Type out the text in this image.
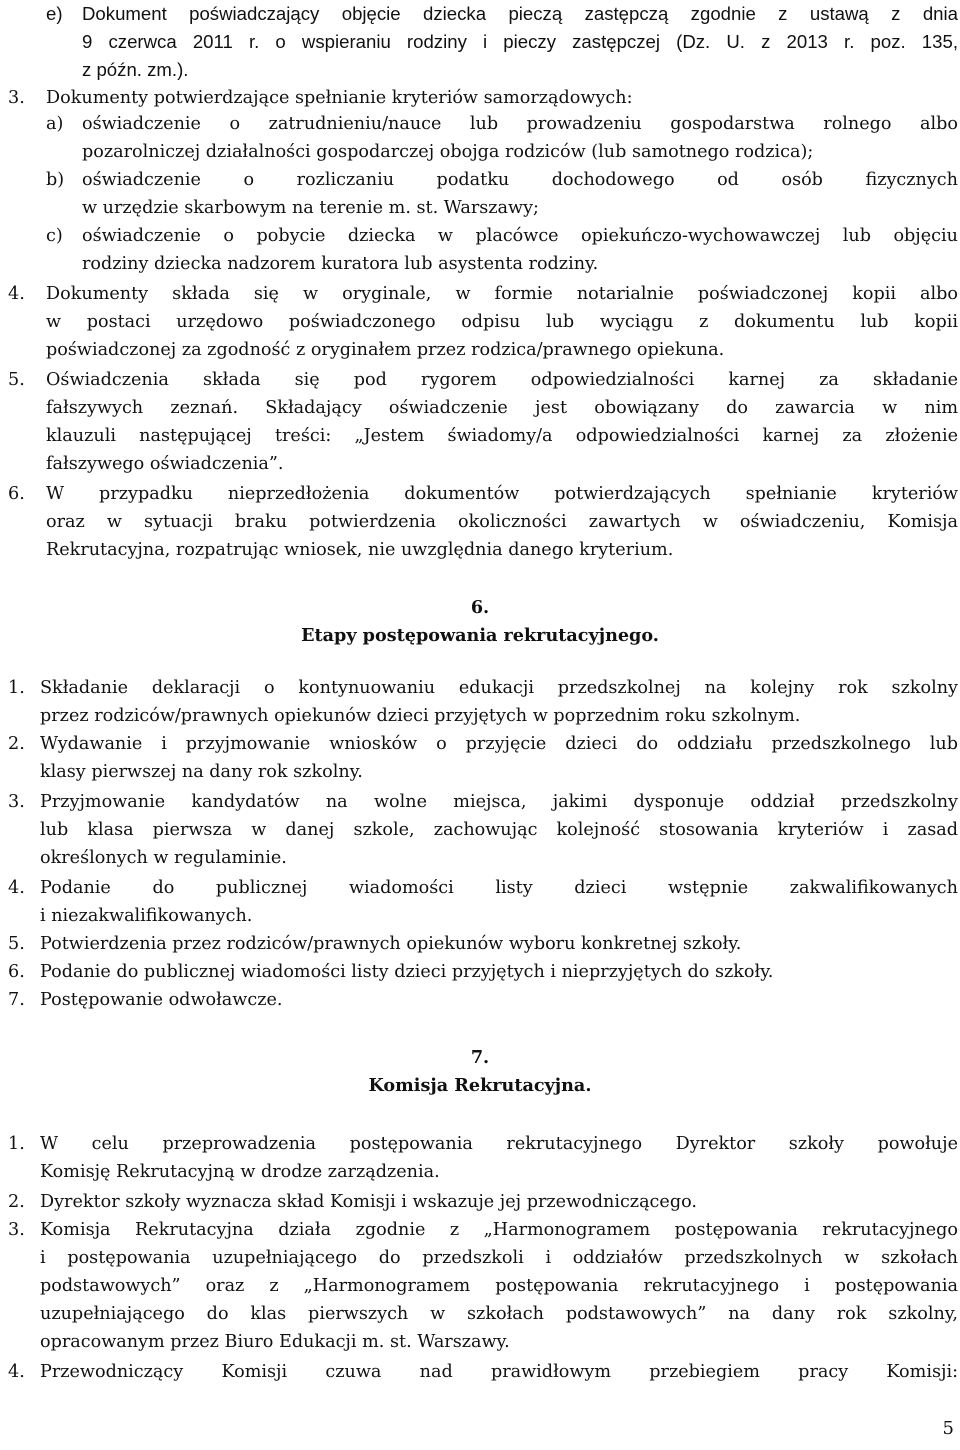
e) Dokument poświadczający objęcie dziecka pieczą zastępczą zgodnie z ustawą z dnia
9 czerwca 2011 r. o wspieraniu rodziny i pieczy zastępczej (Dz. U. z 2013 r. poz. 135,
z późn. zm.).
3. Dokumenty potwierdzające spełnianie kryteriów samorządowych:
a) oświadczenie o zatrudnieniu/nauce lub prowadzeniu gospodarstwa rolnego albo
pozarolniczej działalności gospodarczej obojga rodziców (lub samotnego rodzica);
b) oświadczenie o rozliczaniu podatku dochodowego od osób fizycznych
w urzędzie skarbowym na terenie m. st. Warszawy;
c) oświadczenie o pobycie dziecka w placówce opiekuńczo-wychowawczej lub objęciu
rodziny dziecka nadzorem kuratora lub asystenta rodziny.
4. Dokumenty składa się w oryginale, w formie notarialnie poświadczonej kopii albo
w postaci urzędowo poświadczonego odpisu lub wyciągu z dokumentu lub kopii
poświadczonej za zgodność z oryginałem przez rodzica/prawnego opiekuna.
5. Oświadczenia składa się pod rygorem odpowiedzialności karnej za składanie
fałszywych zeznań. Składający oświadczenie jest obowiązany do zawarcia w nim
klauzuli następującej treści: „Jestem świadomy/a odpowiedzialności karnej za złożenie
fałszywego oświadczenia”.
6. W przypadku nieprzedłożenia dokumentów potwierdzających spełnianie kryteriów
oraz w sytuacji braku potwierdzenia okoliczności zawartych w oświadczeniu, Komisja
Rekrutacyjna, rozpatrując wniosek, nie uwzględnia danego kryterium.
6.
Etapy postępowania rekrutacyjnego.
1. Składanie deklaracji o kontynuowaniu edukacji przedszkolnej na kolejny rok szkolny
przez rodziców/prawnych opiekunów dzieci przyjętych w poprzednim roku szkolnym.
2. Wydawanie i przyjmowanie wniosków o przyjęcie dzieci do oddziału przedszkolnego lub
klasy pierwszej na dany rok szkolny.
3. Przyjmowanie kandydatów na wolne miejsca, jakimi dysponuje oddział przedszkolny
lub klasa pierwsza w danej szkole, zachowując kolejność stosowania kryteriów i zasad
określonych w regulaminie.
4. Podanie do publicznej wiadomości listy dzieci wstępnie zakwalifikowanych
i niezakwalifikowanych.
5. Potwierdzenia przez rodziców/prawnych opiekunów wyboru konkretnej szkoły.
6. Podanie do publicznej wiadomości listy dzieci przyjętych i nieprzyjętych do szkoły.
7. Postępowanie odwoławcze.
7.
Komisja Rekrutacyjna.
1. W celu przeprowadzenia postępowania rekrutacyjnego Dyrektor szkoły powołuje
Komisję Rekrutacyjną w drodze zarządzenia.
2. Dyrektor szkoły wyznacza skład Komisji i wskazuje jej przewodniczącego.
3. Komisja Rekrutacyjna działa zgodnie z „Harmonogramem postępowania rekrutacyjnego
i postępowania uzupełniającego do przedszkoli i oddziałów przedszkolnych w szkołach
podstawowych” oraz z „Harmonogramem postępowania rekrutacyjnego i postępowania
uzupełniającego do klas pierwszych w szkołach podstawowych” na dany rok szkolny,
opracowanym przez Biuro Edukacji m. st. Warszawy.
4. Przewodniczący Komisji czuwa nad prawidłowym przebiegiem pracy Komisji:
5
